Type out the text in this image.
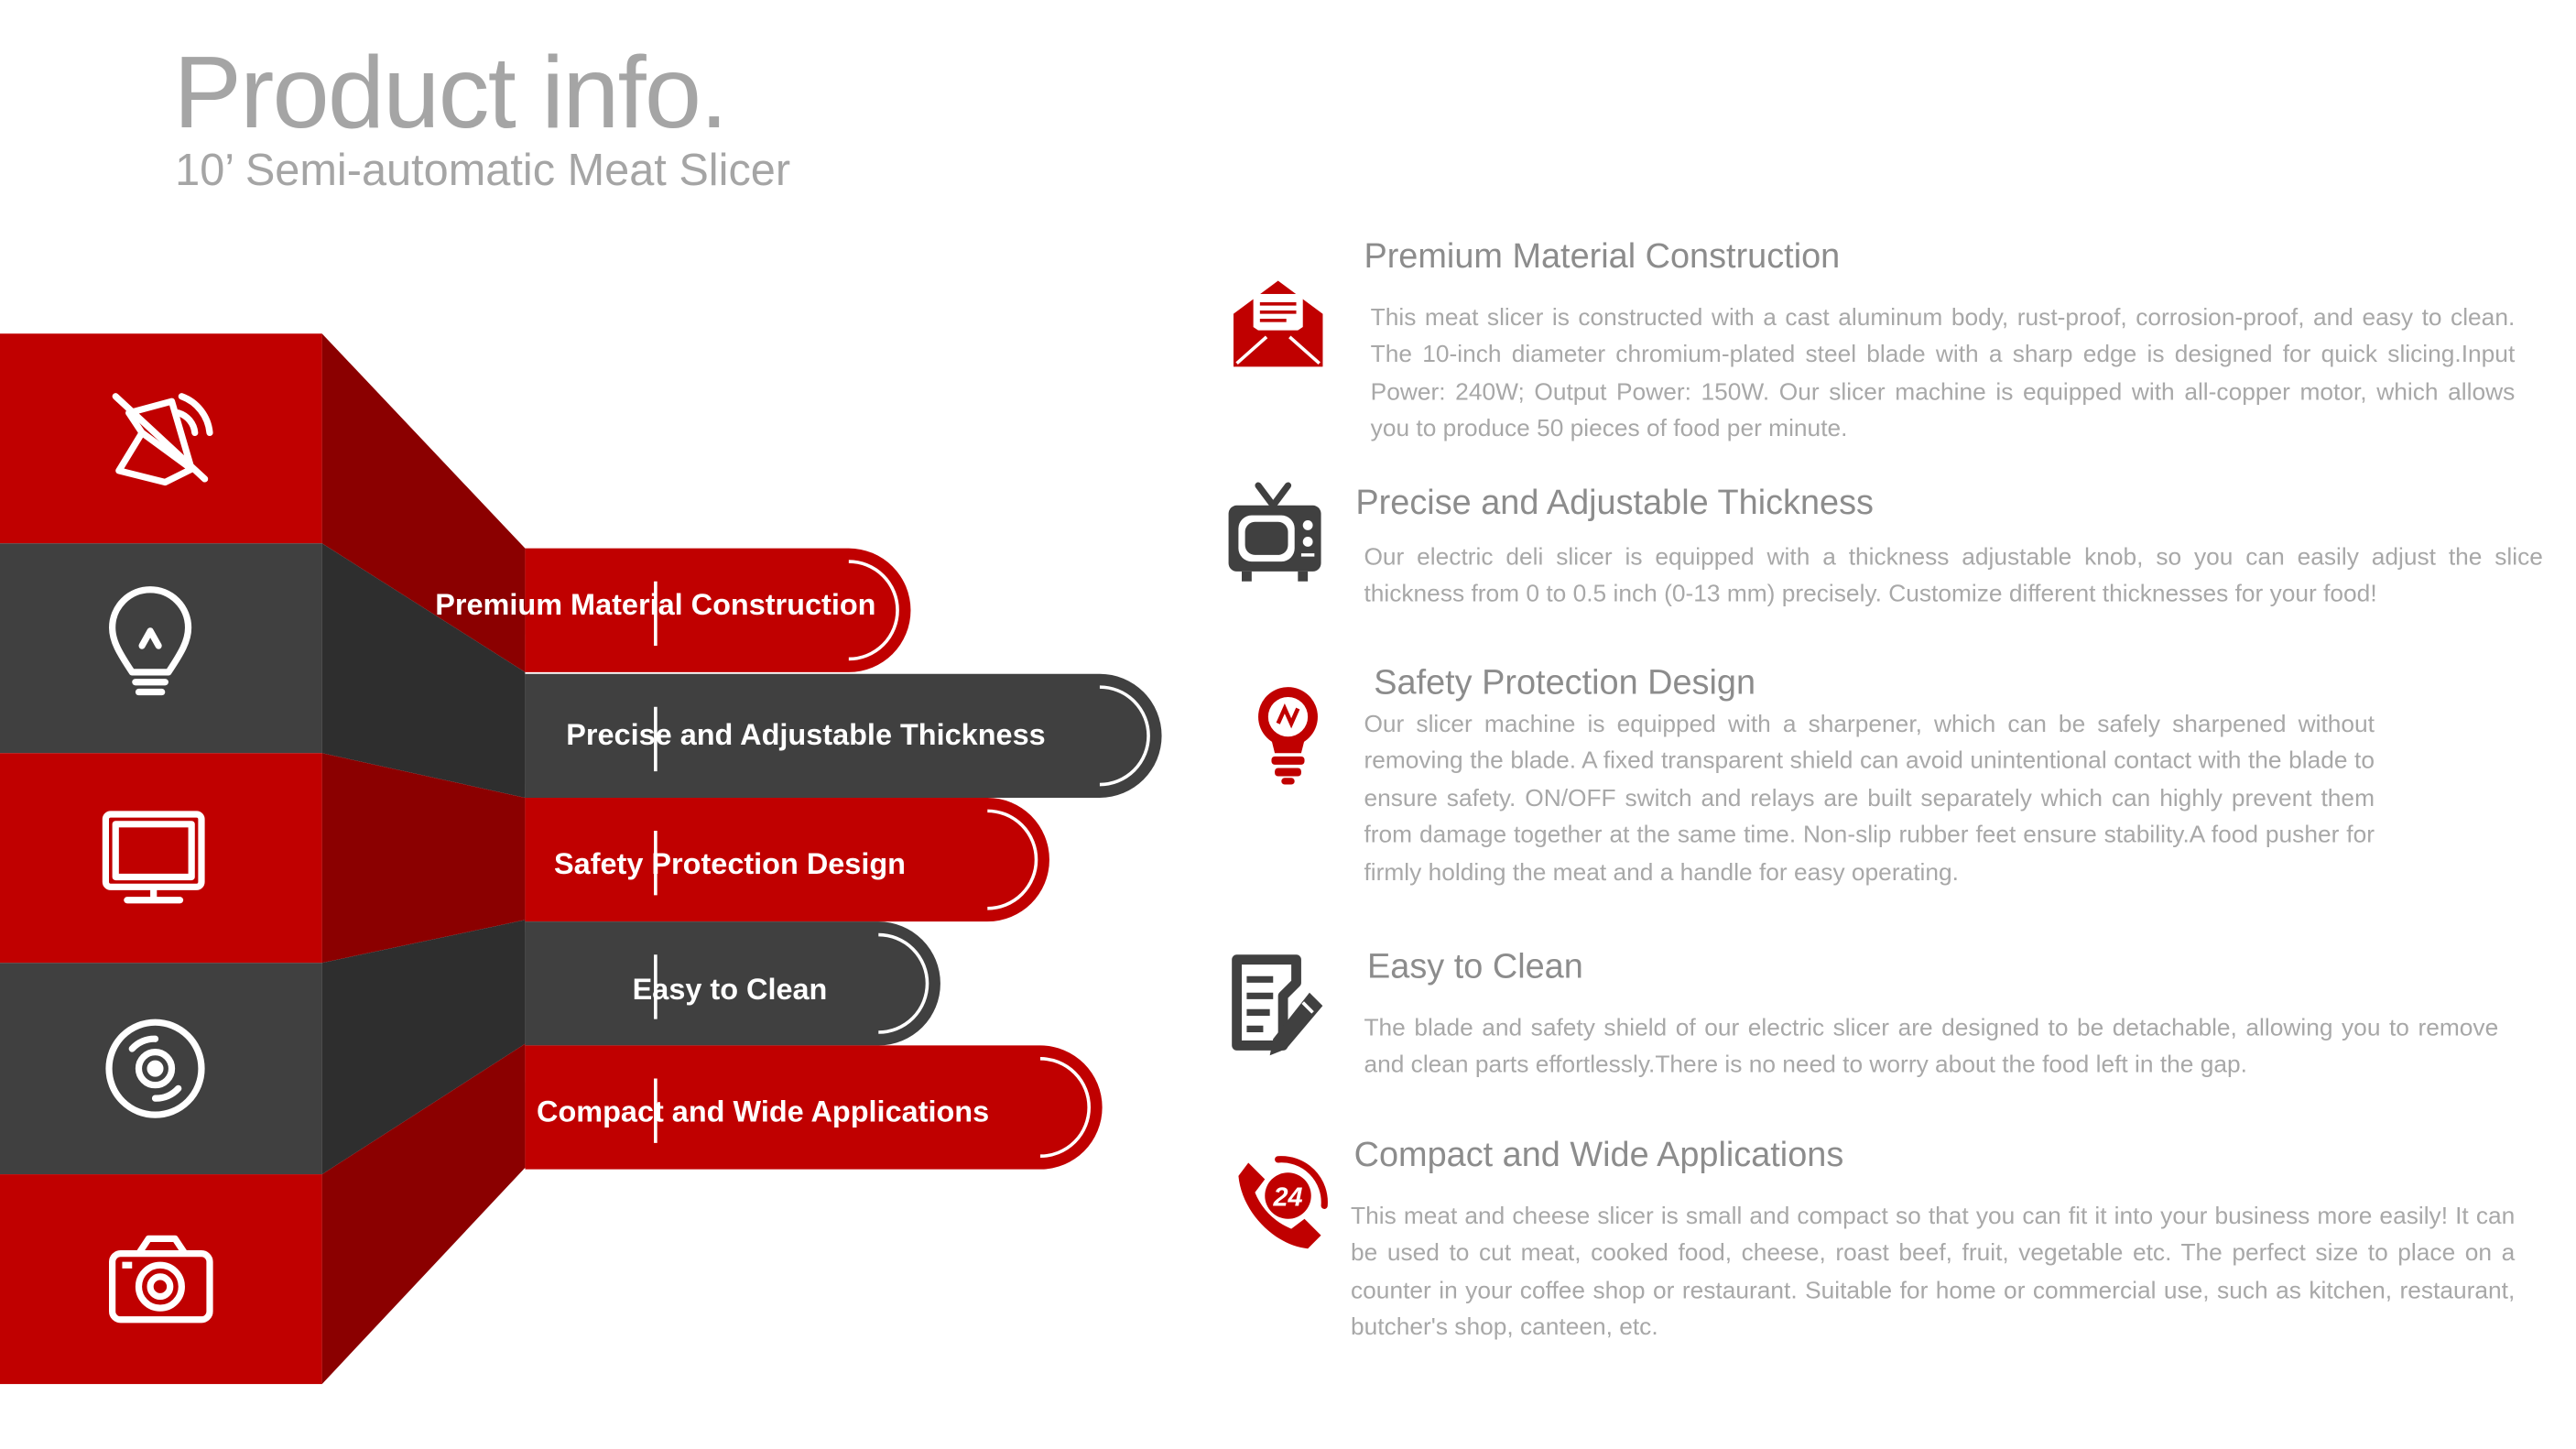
Product info.
10’ Semi-automatic Meat Slicer
Premium Material Construction
Precise and Adjustable Thickness
Safety Protection Design
Easy to Clean
Compact and Wide Applications
24
Premium Material Construction

This meat slicer is constructed with a cast aluminum body, rust-proof, corrosion-proof, and easy to clean. The 10-inch diameter chromium-plated steel blade with a sharp edge is designed for quick slicing.Input Power: 240W; Output Power: 150W. Our slicer machine is equipped with all-copper motor, which allows you to produce 50 pieces of food per minute.

Precise and Adjustable Thickness

Our electric deli slicer is equipped with a thickness adjustable knob, so you can easily adjust the slice thickness from 0 to 0.5 inch (0-13 mm) precisely. Customize different thicknesses for your food!

Safety Protection Design

Our slicer machine is equipped with a sharpener, which can be safely sharpened without removing the blade. A fixed transparent shield can avoid unintentional contact with the blade to ensure safety. ON/OFF switch and relays are built separately which can highly prevent them from damage together at the same time. Non-slip rubber feet ensure stability.A food pusher for firmly holding the meat and a handle for easy operating.

Easy to Clean

The blade and safety shield of our electric slicer are designed to be detachable, allowing you to remove and clean parts effortlessly.There is no need to worry about the food left in the gap.

Compact and Wide Applications

This meat and cheese slicer is small and compact so that you can fit it into your business more easily! It can be used to cut meat, cooked food, cheese, roast beef, fruit, vegetable etc. The perfect size to place on a counter in your coffee shop or restaurant. Suitable for home or commercial use, such as kitchen, restaurant, butcher's shop, canteen, etc.
